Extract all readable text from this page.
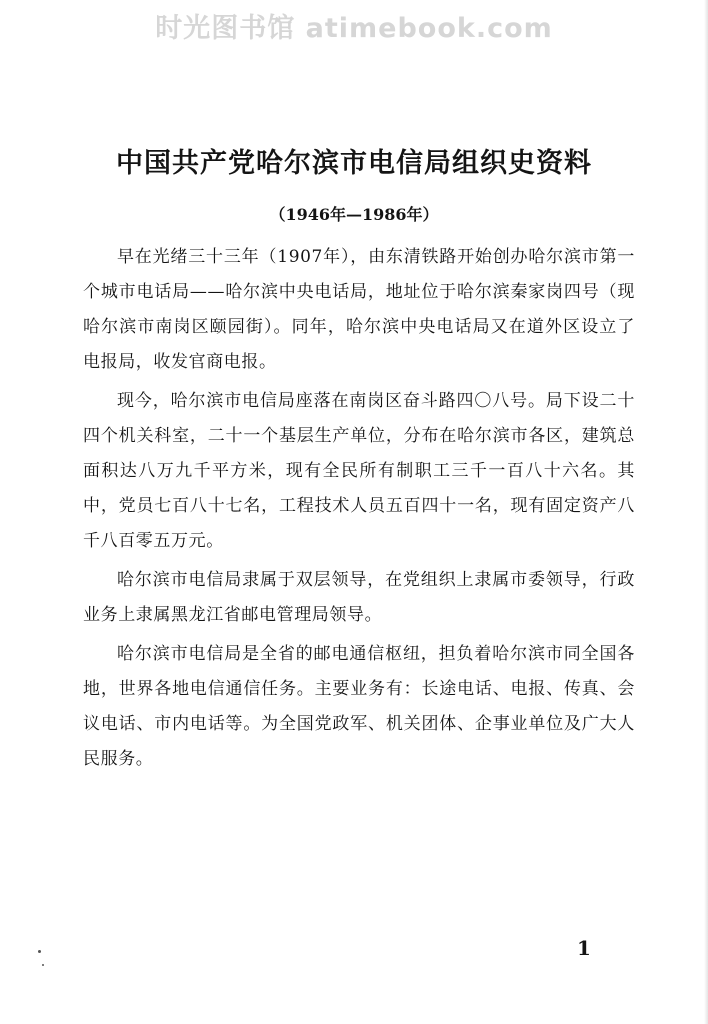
时光图书馆 atimebook.com
中国共产党哈尔滨市电信局组织史资料
（1946年—1986年）

早在光绪三十三年（1907年），由东清铁路开始创办哈尔滨市第一个城市电话局——哈尔滨中央电话局，地址位于哈尔滨秦家岗四号（现哈尔滨市南岗区颐园街）。同年，哈尔滨中央电话局又在道外区设立了电报局，收发官商电报。

现今，哈尔滨市电信局座落在南岗区奋斗路四〇八号。局下设二十四个机关科室，二十一个基层生产单位，分布在哈尔滨市各区，建筑总面积达八万九千平方米，现有全民所有制职工三千一百八十六名。其中，党员七百八十七名，工程技术人员五百四十一名，现有固定资产八千八百零五万元。

哈尔滨市电信局隶属于双层领导，在党组织上隶属市委领导，行政业务上隶属黑龙江省邮电管理局领导。

哈尔滨市电信局是全省的邮电通信枢纽，担负着哈尔滨市同全国各地，世界各地电信通信任务。主要业务有：长途电话、电报、传真、会议电话、市内电话等。为全国党政军、机关团体、企事业单位及广大人民服务。

1
